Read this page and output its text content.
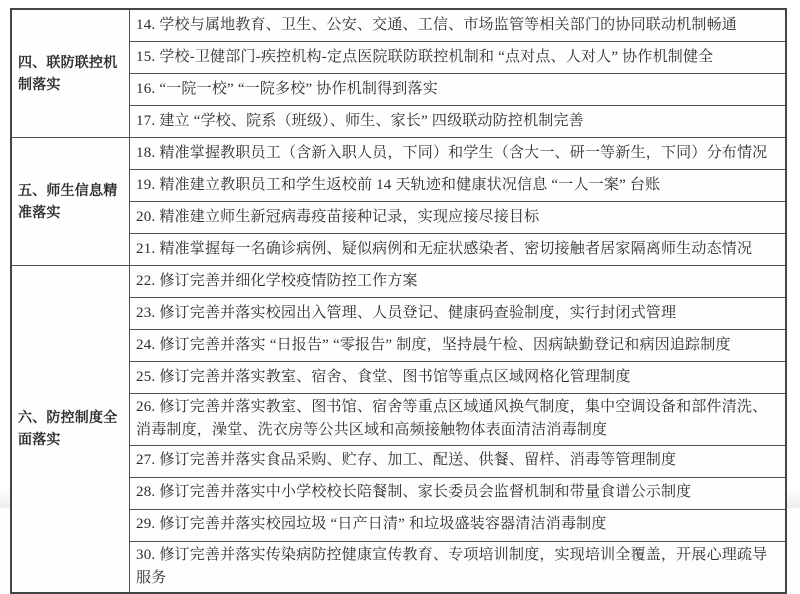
四、联防联控机制落实	14. 学校与属地教育、卫生、公安、交通、工信、市场监管等相关部门的协同联动机制畅通
	15. 学校-卫健部门-疾控机构-定点医院联防联控机制和 “点对点、人对人” 协作机制健全
	16. “一院一校” “一院多校” 协作机制得到落实
	17. 建立 “学校、院系（班级）、师生、家长” 四级联动防控机制完善
五、师生信息精准落实	18. 精准掌握教职员工（含新入职人员，下同）和学生（含大一、研一等新生，下同）分布情况
	19. 精准建立教职员工和学生返校前 14 天轨迹和健康状况信息 “一人一案” 台账
	20. 精准建立师生新冠病毒疫苗接种记录，实现应接尽接目标
	21. 精准掌握每一名确诊病例、疑似病例和无症状感染者、密切接触者居家隔离师生动态情况
六、防控制度全面落实	22. 修订完善并细化学校疫情防控工作方案
	23. 修订完善并落实校园出入管理、人员登记、健康码查验制度，实行封闭式管理
	24. 修订完善并落实 “日报告” “零报告” 制度，坚持晨午检、因病缺勤登记和病因追踪制度
	25. 修订完善并落实教室、宿舍、食堂、图书馆等重点区域网格化管理制度
	26. 修订完善并落实教室、图书馆、宿舍等重点区域通风换气制度，集中空调设备和部件清洗、消毒制度，澡堂、洗衣房等公共区域和高频接触物体表面清洁消毒制度
	27. 修订完善并落实食品采购、贮存、加工、配送、供餐、留样、消毒等管理制度
	28. 修订完善并落实中小学校校长陪餐制、家长委员会监督机制和带量食谱公示制度
	29. 修订完善并落实校园垃圾 “日产日清” 和垃圾盛装容器清洁消毒制度
	30. 修订完善并落实传染病防控健康宣传教育、专项培训制度，实现培训全覆盖，开展心理疏导服务
